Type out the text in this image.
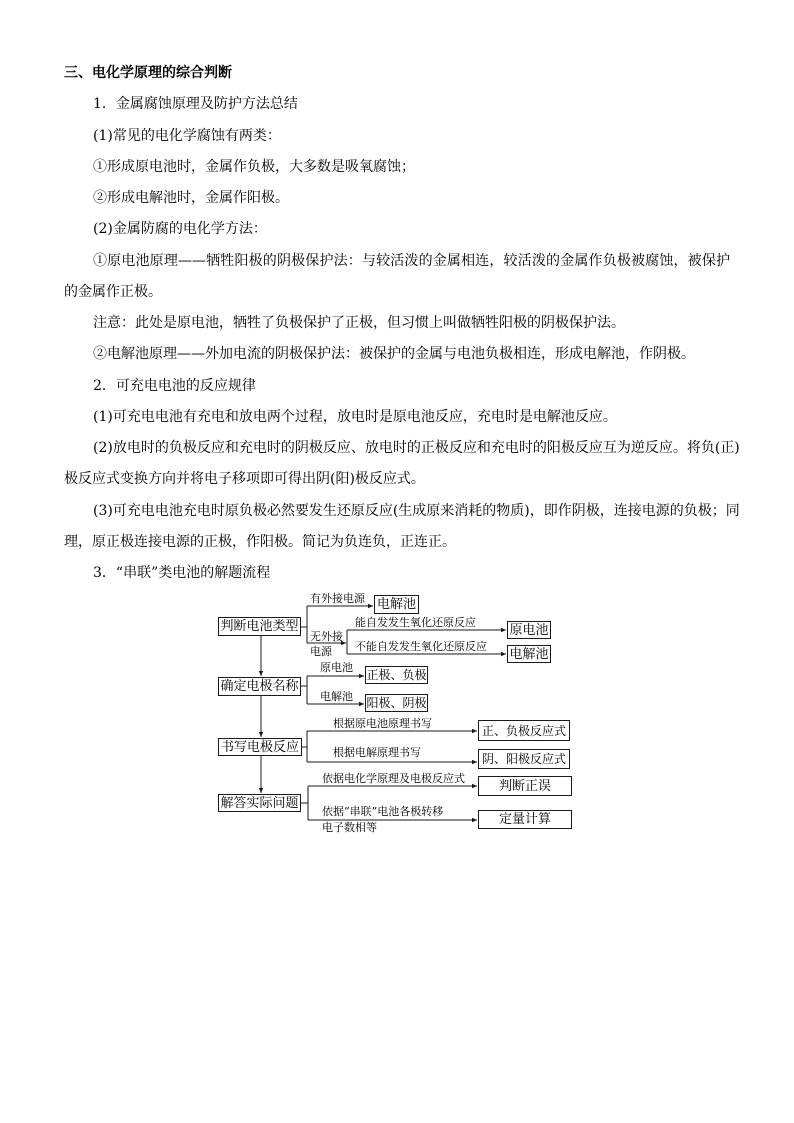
三、电化学原理的综合判断
1．金属腐蚀原理及防护方法总结
(1)常见的电化学腐蚀有两类：
①形成原电池时，金属作负极，大多数是吸氧腐蚀；
②形成电解池时，金属作阳极。
(2)金属防腐的电化学方法：
①原电池原理——牺牲阳极的阴极保护法：与较活泼的金属相连，较活泼的金属作负极被腐蚀，被保护
的金属作正极。
注意：此处是原电池，牺牲了负极保护了正极，但习惯上叫做牺牲阳极的阴极保护法。
②电解池原理——外加电流的阴极保护法：被保护的金属与电池负极相连，形成电解池，作阴极。
2．可充电电池的反应规律
(1)可充电电池有充电和放电两个过程，放电时是原电池反应，充电时是电解池反应。
(2)放电时的负极反应和充电时的阴极反应、放电时的正极反应和充电时的阳极反应互为逆反应。将负(正)
极反应式变换方向并将电子移项即可得出阴(阳)极反应式。
(3)可充电电池充电时原负极必然要发生还原反应(生成原来消耗的物质)，即作阴极，连接电源的负极；同
理，原正极连接电源的正极，作阳极。简记为负连负，正连正。
3．“串联”类电池的解题流程
判断电池类型
确定电极名称
书写电极反应
解答实际问题
有外接电源 电解池
无外接
电源
能自发发生氧化还原反应	原电池
不能自发发生氧化还原反应 电解池
原电池
正极、负极
电解池 阳极、阴极
根据原电池原理书写	正、负极反应式
根据电解原理书写	阴、阳极反应式
依据电化学原理及电极反应式	判断正误
依据“串联”电池各极转移
电子数相等
定量计算
